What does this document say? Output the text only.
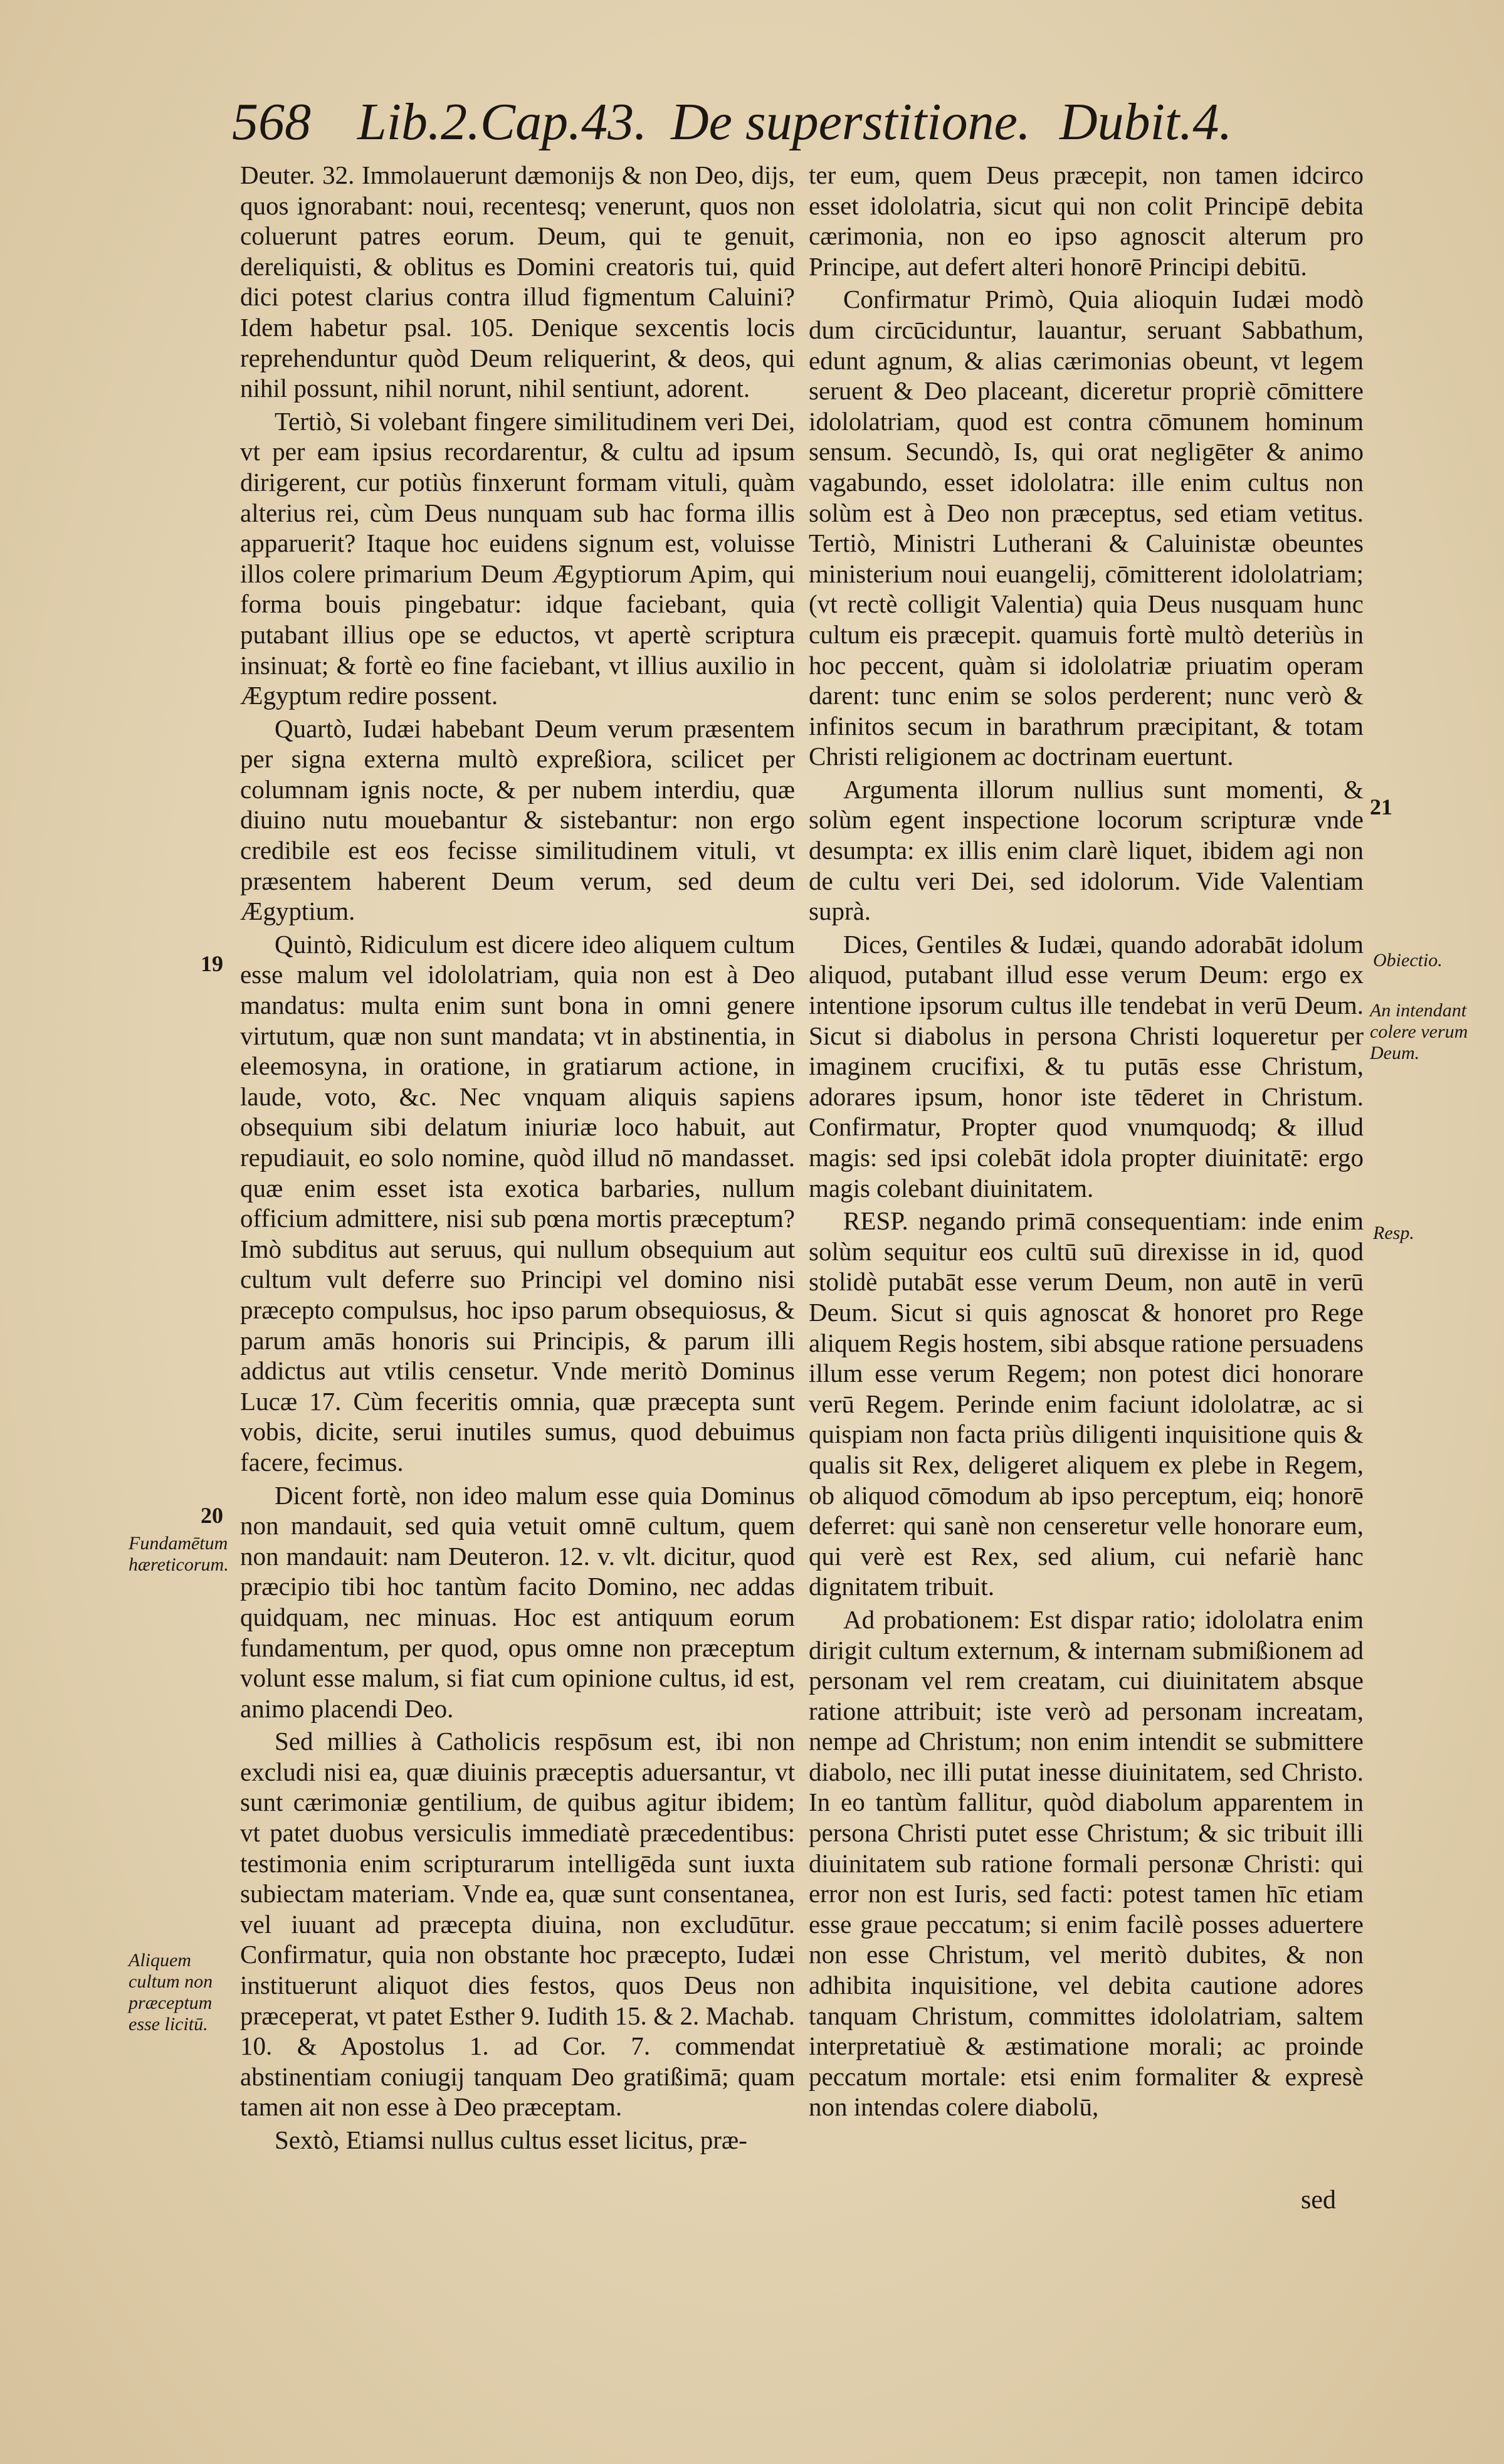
568 Lib.2.Cap.43. De superstitione. Dubit.4.

Deuter. 32. Immolauerunt dæmonijs & non Deo, dijs, quos ignorabant: noui, recentesq; venerunt, quos non coluerunt patres eorum. Deum, qui te genuit, dereliquisti, & oblitus es Domini creatoris tui, quid dici potest clarius contra illud figmentum Caluini? Idem habetur psal. 105. Denique sexcentis locis reprehenduntur quòd Deum reliquerint, & deos, qui nihil possunt, nihil norunt, nihil sentiunt, adorent.

Tertiò, Si volebant fingere similitudinem veri Dei, vt per eam ipsius recordarentur, & cultu ad ipsum dirigerent, cur potiùs finxerunt formam vituli, quàm alterius rei, cùm Deus nunquam sub hac forma illis apparuerit? Itaque hoc euidens signum est, voluisse illos colere primarium Deum Ægyptiorum Apim, qui forma bouis pingebatur: idque faciebant, quia putabant illius ope se eductos, vt apertè scriptura insinuat; & fortè eo fine faciebant, vt illius auxilio in Ægyptum redire possent.

Quartò, Iudæi habebant Deum verum præsentem per signa externa multò expreßiora, scilicet per columnam ignis nocte, & per nubem interdiu, quæ diuino nutu mouebantur & sistebantur: non ergo credibile est eos fecisse similitudinem vituli, vt præsentem haberent Deum verum, sed deum Ægyptium.

Quintò, Ridiculum est dicere ideo aliquem cultum esse malum vel idololatriam, quia non est à Deo mandatus: multa enim sunt bona in omni genere virtutum, quæ non sunt mandata; vt in abstinentia, in eleemosyna, in oratione, in gratiarum actione, in laude, voto, &c. Nec vnquam aliquis sapiens obsequium sibi delatum iniuriæ loco habuit, aut repudiauit, eo solo nomine, quòd illud nō mandasset. quæ enim esset ista exotica barbaries, nullum officium admittere, nisi sub pœna mortis præceptum? Imò subditus aut seruus, qui nullum obsequium aut cultum vult deferre suo Principi vel domino nisi præcepto compulsus, hoc ipso parum obsequiosus, & parum amās honoris sui Principis, & parum illi addictus aut vtilis censetur. Vnde meritò Dominus Lucæ 17. Cùm feceritis omnia, quæ præcepta sunt vobis, dicite, serui inutiles sumus, quod debuimus facere, fecimus.

Dicent fortè, non ideo malum esse quia Dominus non mandauit, sed quia vetuit omnē cultum, quem non mandauit: nam Deuteron. 12. v. vlt. dicitur, quod præcipio tibi hoc tantùm facito Domino, nec addas quidquam, nec minuas. Hoc est antiquum eorum fundamentum, per quod, opus omne non præceptum volunt esse malum, si fiat cum opinione cultus, id est, animo placendi Deo.

Sed millies à Catholicis respōsum est, ibi non excludi nisi ea, quæ diuinis præceptis aduersantur, vt sunt cærimoniæ gentilium, de quibus agitur ibidem; vt patet duobus versiculis immediatè præcedentibus: testimonia enim scripturarum intelligēda sunt iuxta subiectam materiam. Vnde ea, quæ sunt consentanea, vel iuuant ad præcepta diuina, non excludūtur. Confirmatur, quia non obstante hoc præcepto, Iudæi instituerunt aliquot dies festos, quos Deus non præceperat, vt patet Esther 9. Iudith 15. & 2. Machab. 10. & Apostolus 1. ad Cor. 7. commendat abstinentiam coniugij tanquam Deo gratißimā; quam tamen ait non esse à Deo præceptam.

Sextò, Etiamsi nullus cultus esset licitus, præ-

ter eum, quem Deus præcepit, non tamen idcirco esset idololatria, sicut qui non colit Principē debita cærimonia, non eo ipso agnoscit alterum pro Principe, aut defert alteri honorē Principi debitū.

Confirmatur Primò, Quia alioquin Iudæi modò dum circūciduntur, lauantur, seruant Sabbathum, edunt agnum, & alias cærimonias obeunt, vt legem seruent & Deo placeant, diceretur propriè cōmittere idololatriam, quod est contra cōmunem hominum sensum. Secundò, Is, qui orat negligēter & animo vagabundo, esset idololatra: ille enim cultus non solùm est à Deo non præceptus, sed etiam vetitus. Tertiò, Ministri Lutherani & Caluinistæ obeuntes ministerium noui euangelij, cōmitterent idololatriam; (vt rectè colligit Valentia) quia Deus nusquam hunc cultum eis præcepit. quamuis fortè multò deteriùs in hoc peccent, quàm si idololatriæ priuatim operam darent: tunc enim se solos perderent; nunc verò & infinitos secum in barathrum præcipitant, & totam Christi religionem ac doctrinam euertunt.

Argumenta illorum nullius sunt momenti, & solùm egent inspectione locorum scripturæ vnde desumpta: ex illis enim clarè liquet, ibidem agi non de cultu veri Dei, sed idolorum. Vide Valentiam suprà.

Dices, Gentiles & Iudæi, quando adorabāt idolum aliquod, putabant illud esse verum Deum: ergo ex intentione ipsorum cultus ille tendebat in verū Deum. Sicut si diabolus in persona Christi loqueretur per imaginem crucifixi, & tu putās esse Christum, adorares ipsum, honor iste tēderet in Christum. Confirmatur, Propter quod vnumquodq; & illud magis: sed ipsi colebāt idola propter diuinitatē: ergo magis colebant diuinitatem.

RESP. negando primā consequentiam: inde enim solùm sequitur eos cultū suū direxisse in id, quod stolidè putabāt esse verum Deum, non autē in verū Deum. Sicut si quis agnoscat & honoret pro Rege aliquem Regis hostem, sibi absque ratione persuadens illum esse verum Regem; non potest dici honorare verū Regem. Perinde enim faciunt idololatræ, ac si quispiam non facta priùs diligenti inquisitione quis & qualis sit Rex, deligeret aliquem ex plebe in Regem, ob aliquod cōmodum ab ipso perceptum, eiq; honorē deferret: qui sanè non censeretur velle honorare eum, qui verè est Rex, sed alium, cui nefariè hanc dignitatem tribuit.

Ad probationem: Est dispar ratio; idololatra enim dirigit cultum externum, & internam submißionem ad personam vel rem creatam, cui diuinitatem absque ratione attribuit; iste verò ad personam increatam, nempe ad Christum; non enim intendit se submittere diabolo, nec illi putat inesse diuinitatem, sed Christo. In eo tantùm fallitur, quòd diabolum apparentem in persona Christi putet esse Christum; & sic tribuit illi diuinitatem sub ratione formali personæ Christi: qui error non est Iuris, sed facti: potest tamen hīc etiam esse graue peccatum; si enim facilè posses aduertere non esse Christum, vel meritò dubites, & non adhibita inquisitione, vel debita cautione adores tanquam Christum, committes idololatriam, saltem interpretatiuè & æstimatione morali; ac proinde peccatum mortale: etsi enim formaliter & expresè non intendas colere diabolū,

19
20
Fundamētum hæreticorum.
Aliquem cultum non præceptum esse licitū.
21
Obiectio.
An intendant colere verum Deum.
Resp.
sed
